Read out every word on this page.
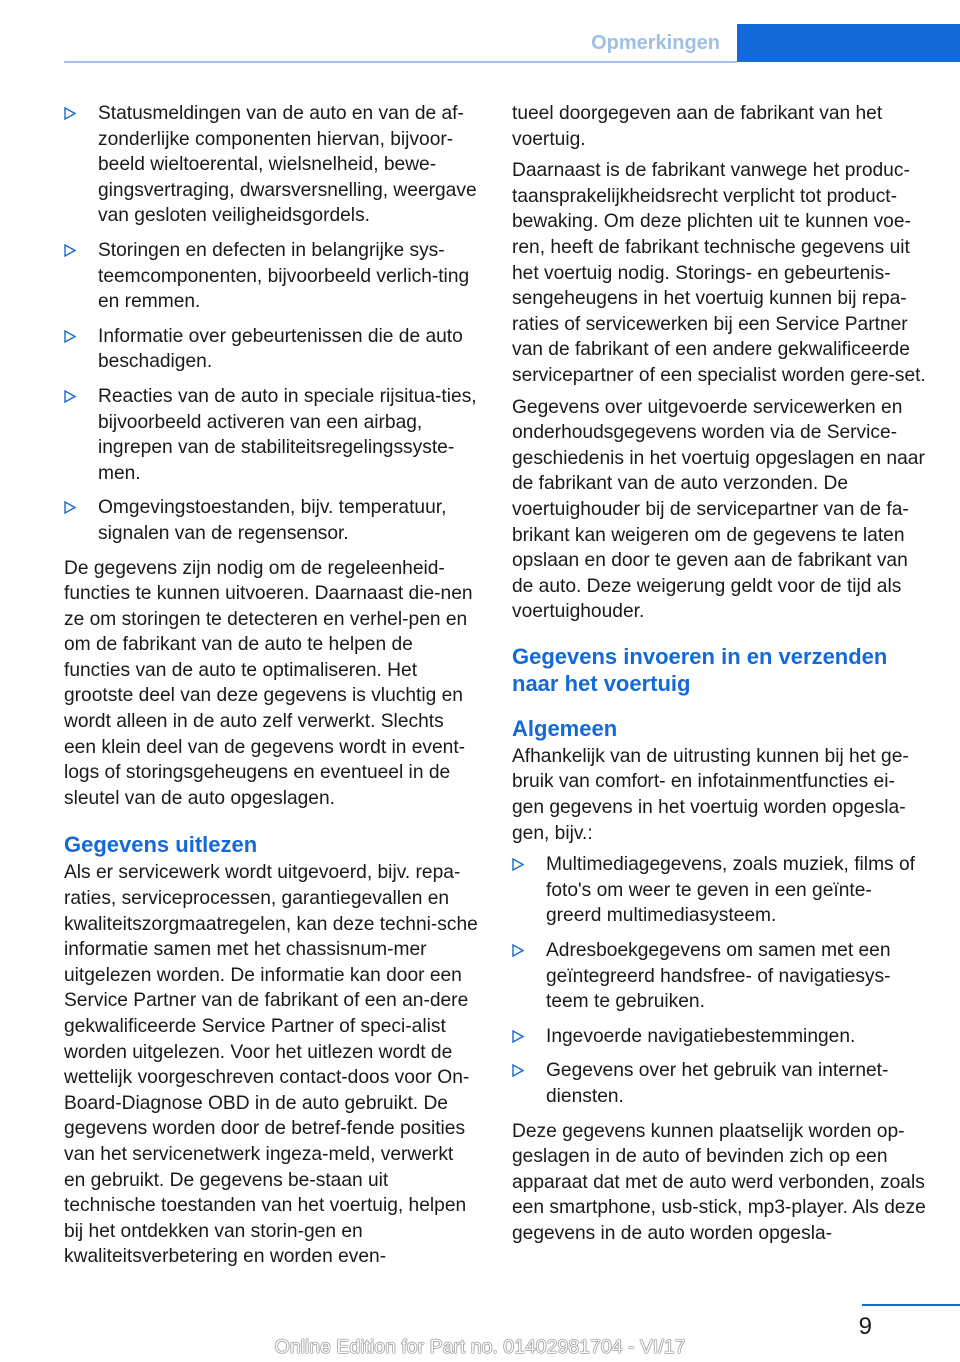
Opmerkingen
Statusmeldingen van de auto en van de af-zonderlijke componenten hiervan, bijvoor-beeld wieltoerental, wielsnelheid, bewe-gingsvertraging, dwarsversnelling, weergave van gesloten veiligheidsgordels.
Storingen en defecten in belangrijke sys-teemcomponenten, bijvoorbeeld verlich-ting en remmen.
Informatie over gebeurtenissen die de auto beschadigen.
Reacties van de auto in speciale rijsitua-ties, bijvoorbeeld activeren van een airbag, ingrepen van de stabiliteitsregelingssyste-men.
Omgevingstoestanden, bijv. temperatuur, signalen van de regensensor.

De gegevens zijn nodig om de regeleenheid-functies te kunnen uitvoeren. Daarnaast die-nen ze om storingen te detecteren en verhel-pen en om de fabrikant van de auto te helpen de functies van de auto te optimaliseren. Het grootste deel van deze gegevens is vluchtig en wordt alleen in de auto zelf verwerkt. Slechts een klein deel van de gegevens wordt in event-logs of storingsgeheugens en eventueel in de sleutel van de auto opgeslagen.

Gegevens uitlezen

Als er servicewerk wordt uitgevoerd, bijv. repa-raties, serviceprocessen, garantiegevallen en kwaliteitszorgmaatregelen, kan deze techni-sche informatie samen met het chassisnum-mer uitgelezen worden. De informatie kan door een Service Partner van de fabrikant of een an-dere gekwalificeerde Service Partner of speci-alist worden uitgelezen. Voor het uitlezen wordt de wettelijk voorgeschreven contact-doos voor On-Board-Diagnose OBD in de auto gebruikt. De gegevens worden door de betref-fende posities van het servicenetwerk ingeza-meld, verwerkt en gebruikt. De gegevens be-staan uit technische toestanden van het voertuig, helpen bij het ontdekken van storin-gen en kwaliteitsverbetering en worden even-

tueel doorgegeven aan de fabrikant van het voertuig.

Daarnaast is de fabrikant vanwege het produc-taansprakelijkheidsrecht verplicht tot product-bewaking. Om deze plichten uit te kunnen voe-ren, heeft de fabrikant technische gegevens uit het voertuig nodig. Storings- en gebeurtenis-sengeheugens in het voertuig kunnen bij repa-raties of servicewerken bij een Service Partner van de fabrikant of een andere gekwalificeerde servicepartner of een specialist worden gere-set.

Gegevens over uitgevoerde servicewerken en onderhoudsgegevens worden via de Service-geschiedenis in het voertuig opgeslagen en naar de fabrikant van de auto verzonden. De voertuighouder bij de servicepartner van de fa-brikant kan weigeren om de gegevens te laten opslaan en door te geven aan de fabrikant van de auto. Deze weigerung geldt voor de tijd als voertuighouder.

Gegevens invoeren in en verzenden naar het voertuig
Algemeen

Afhankelijk van de uitrusting kunnen bij het ge-bruik van comfort- en infotainmentfuncties ei-gen gegevens in het voertuig worden opgesla-gen, bijv.:

Multimediagegevens, zoals muziek, films of foto's om weer te geven in een geïnte-greerd multimediasysteem.
Adresboekgegevens om samen met een geïntegreerd handsfree- of navigatiesys-teem te gebruiken.
Ingevoerde navigatiebestemmingen.
Gegevens over het gebruik van internet-diensten.

Deze gegevens kunnen plaatselijk worden op-geslagen in de auto of bevinden zich op een apparaat dat met de auto werd verbonden, zoals een smartphone, usb-stick, mp3-player. Als deze gegevens in de auto worden opgesla-

9
Online Edition for Part no. 01402981704 - VI/17
